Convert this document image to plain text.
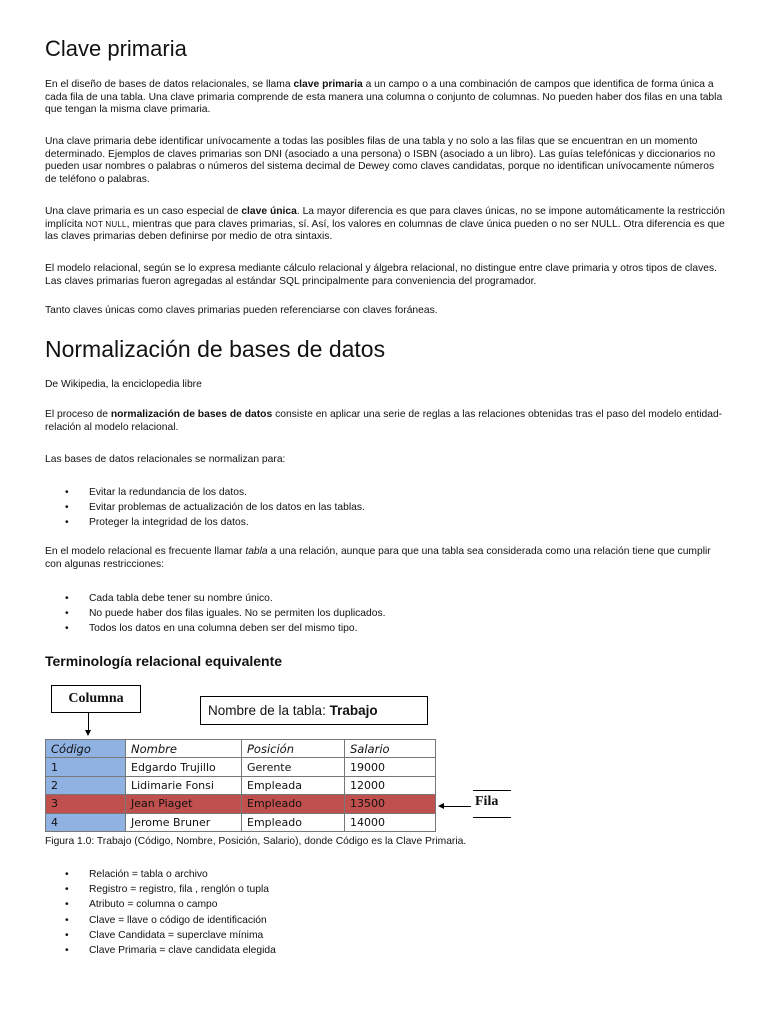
Clave primaria

En el diseño de bases de datos relacionales, se llama clave primaria a un campo o a una combinación de campos que identifica de forma única a cada fila de una tabla. Una clave primaria comprende de esta manera una columna o conjunto de columnas. No pueden haber dos filas en una tabla que tengan la misma clave primaria.

Una clave primaria debe identificar unívocamente a todas las posibles filas de una tabla y no solo a las filas que se encuentran en un momento determinado. Ejemplos de claves primarias son DNI (asociado a una persona) o ISBN (asociado a un libro). Las guías telefónicas y diccionarios no pueden usar nombres o palabras o números del sistema decimal de Dewey como claves candidatas, porque no identifican unívocamente números de teléfono o palabras.

Una clave primaria es un caso especial de clave única. La mayor diferencia es que para claves únicas, no se impone automáticamente la restricción implícita NOT NULL, mientras que para claves primarias, sí. Así, los valores en columnas de clave única pueden o no ser NULL. Otra diferencia es que las claves primarias deben definirse por medio de otra sintaxis.

El modelo relacional, según se lo expresa mediante cálculo relacional y álgebra relacional, no distingue entre clave primaria y otros tipos de claves. Las claves primarias fueron agregadas al estándar SQL principalmente para conveniencia del programador.

Tanto claves únicas como claves primarias pueden referenciarse con claves foráneas.

Normalización de bases de datos

De Wikipedia, la enciclopedia libre

El proceso de normalización de bases de datos consiste en aplicar una serie de reglas a las relaciones obtenidas tras el paso del modelo entidad-relación al modelo relacional.

Las bases de datos relacionales se normalizan para:

• Evitar la redundancia de los datos.
• Evitar problemas de actualización de los datos en las tablas.
• Proteger la integridad de los datos.

En el modelo relacional es frecuente llamar tabla a una relación, aunque para que una tabla sea considerada como una relación tiene que cumplir con algunas restricciones:

• Cada tabla debe tener su nombre único.
• No puede haber dos filas iguales. No se permiten los duplicados.
• Todos los datos en una columna deben ser del mismo tipo.
Terminología relacional equivalente
Columna
Nombre de la tabla: Trabajo
Código	Nombre	Posición	Salario
1	Edgardo Trujillo	Gerente	19000
2	Lidimarie Fonsi	Empleada	12000
3	Jean Piaget	Empleado	13500
4	Jerome Bruner	Empleado	14000
Fila

Figura 1.0: Trabajo (Código, Nombre, Posición, Salario), donde Código es la Clave Primaria.

• Relación = tabla o archivo
• Registro = registro, fila , renglón o tupla
• Atributo = columna o campo
• Clave = llave o código de identificación
• Clave Candidata = superclave mínima
• Clave Primaria = clave candidata elegida
